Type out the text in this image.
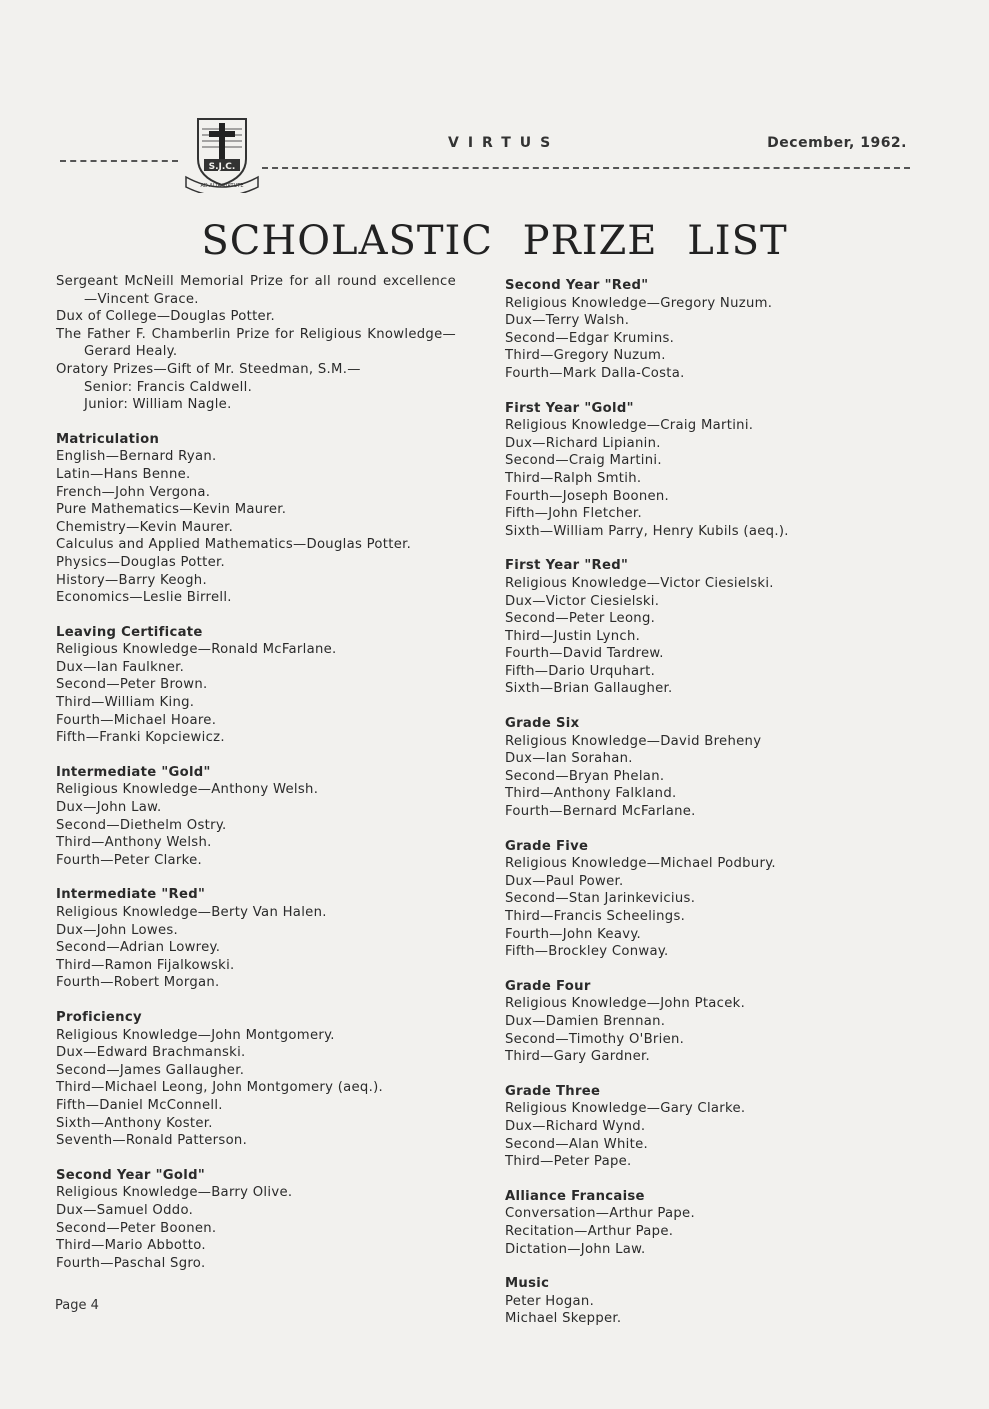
S.J.C.
AD ALTA VIRTUTE
VIRTUS	December, 1962.
SCHOLASTIC PRIZE LIST
Sergeant McNeill Memorial Prize for all round excellence—Vincent Grace.
Dux of College—Douglas Potter.
The Father F. Chamberlin Prize for Religious Knowledge—Gerard Healy.
Oratory Prizes—Gift of Mr. Steedman, S.M.—
Senior: Francis Caldwell.
Junior: William Nagle.
Matriculation
English—Bernard Ryan.
Latin—Hans Benne.
French—John Vergona.
Pure Mathematics—Kevin Maurer.
Chemistry—Kevin Maurer.
Calculus and Applied Mathematics—Douglas Potter.
Physics—Douglas Potter.
History—Barry Keogh.
Economics—Leslie Birrell.
Leaving Certificate
Religious Knowledge—Ronald McFarlane.
Dux—Ian Faulkner.
Second—Peter Brown.
Third—William King.
Fourth—Michael Hoare.
Fifth—Franki Kopciewicz.
Intermediate "Gold"
Religious Knowledge—Anthony Welsh.
Dux—John Law.
Second—Diethelm Ostry.
Third—Anthony Welsh.
Fourth—Peter Clarke.
Intermediate "Red"
Religious Knowledge—Berty Van Halen.
Dux—John Lowes.
Second—Adrian Lowrey.
Third—Ramon Fijalkowski.
Fourth—Robert Morgan.
Proficiency
Religious Knowledge—John Montgomery.
Dux—Edward Brachmanski.
Second—James Gallaugher.
Third—Michael Leong, John Montgomery (aeq.).
Fifth—Daniel McConnell.
Sixth—Anthony Koster.
Seventh—Ronald Patterson.
Second Year "Gold"
Religious Knowledge—Barry Olive.
Dux—Samuel Oddo.
Second—Peter Boonen.
Third—Mario Abbotto.
Fourth—Paschal Sgro.
Second Year "Red"
Religious Knowledge—Gregory Nuzum.
Dux—Terry Walsh.
Second—Edgar Krumins.
Third—Gregory Nuzum.
Fourth—Mark Dalla-Costa.
First Year "Gold"
Religious Knowledge—Craig Martini.
Dux—Richard Lipianin.
Second—Craig Martini.
Third—Ralph Smtih.
Fourth—Joseph Boonen.
Fifth—John Fletcher.
Sixth—William Parry, Henry Kubils (aeq.).
First Year "Red"
Religious Knowledge—Victor Ciesielski.
Dux—Victor Ciesielski.
Second—Peter Leong.
Third—Justin Lynch.
Fourth—David Tardrew.
Fifth—Dario Urquhart.
Sixth—Brian Gallaugher.
Grade Six
Religious Knowledge—David Breheny
Dux—Ian Sorahan.
Second—Bryan Phelan.
Third—Anthony Falkland.
Fourth—Bernard McFarlane.
Grade Five
Religious Knowledge—Michael Podbury.
Dux—Paul Power.
Second—Stan Jarinkevicius.
Third—Francis Scheelings.
Fourth—John Keavy.
Fifth—Brockley Conway.
Grade Four
Religious Knowledge—John Ptacek.
Dux—Damien Brennan.
Second—Timothy O'Brien.
Third—Gary Gardner.
Grade Three
Religious Knowledge—Gary Clarke.
Dux—Richard Wynd.
Second—Alan White.
Third—Peter Pape.
Alliance Francaise
Conversation—Arthur Pape.
Recitation—Arthur Pape.
Dictation—John Law.
Music
Peter Hogan.
Michael Skepper.
Page 4
